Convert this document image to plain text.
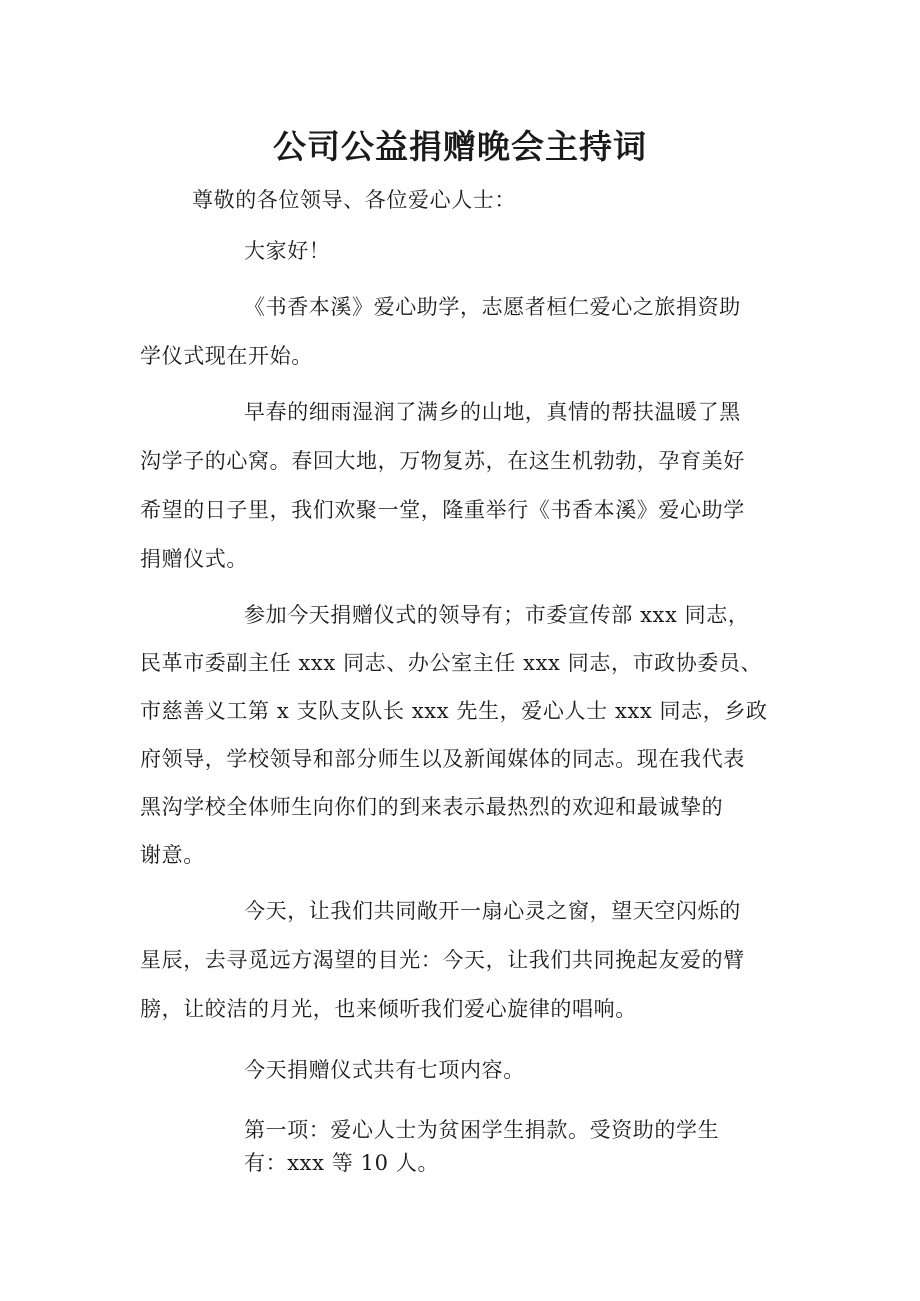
公司公益捐赠晚会主持词

尊敬的各位领导、各位爱心人士：

大家好！

《书香本溪》爱心助学，志愿者桓仁爱心之旅捐资助

学仪式现在开始。

早春的细雨湿润了满乡的山地，真情的帮扶温暖了黑

沟学子的心窝。春回大地，万物复苏，在这生机勃勃，孕育美好

希望的日子里，我们欢聚一堂，隆重举行《书香本溪》爱心助学

捐赠仪式。

参加今天捐赠仪式的领导有；市委宣传部 xxx 同志，

民革市委副主任 xxx 同志、办公室主任 xxx 同志，市政协委员、

市慈善义工第 x 支队支队长 xxx 先生，爱心人士 xxx 同志，乡政

府领导，学校领导和部分师生以及新闻媒体的同志。现在我代表

黑沟学校全体师生向你们的到来表示最热烈的欢迎和最诚挚的

谢意。

今天，让我们共同敞开一扇心灵之窗，望天空闪烁的

星辰，去寻觅远方渴望的目光：今天，让我们共同挽起友爱的臂

膀，让皎洁的月光，也来倾听我们爱心旋律的唱响。

今天捐赠仪式共有七项内容。

第一项：爱心人士为贫困学生捐款。受资助的学生

有：xxx 等 10 人。
